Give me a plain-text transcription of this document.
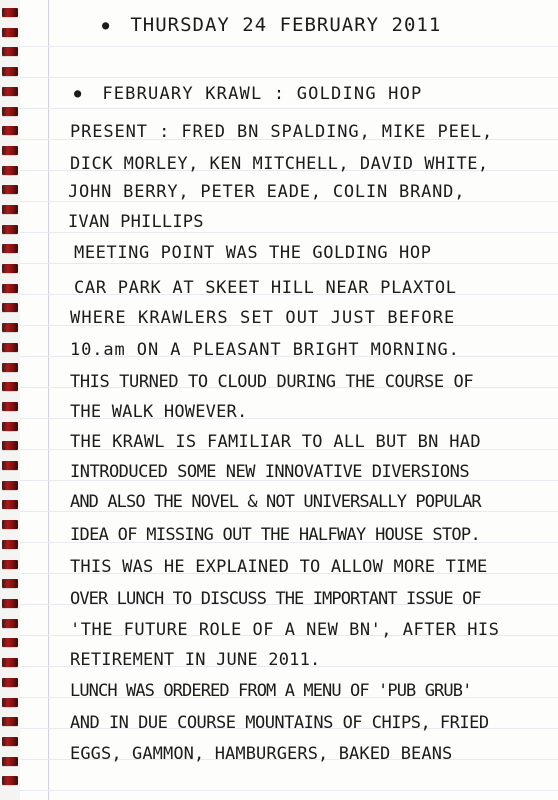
● THURSDAY 24 FEBRUARY 2011
● FEBRUARY KRAWL : GOLDING HOP
PRESENT : FRED BN SPALDING, MIKE PEEL,
DICK MORLEY, KEN MITCHELL, DAVID WHITE,
JOHN BERRY, PETER EADE, COLIN BRAND,
IVAN PHILLIPS
MEETING POINT WAS THE GOLDING HOP
CAR PARK AT SKEET HILL NEAR PLAXTOL
WHERE KRAWLERS SET OUT JUST BEFORE
10.am ON A PLEASANT BRIGHT MORNING.
THIS TURNED TO CLOUD DURING THE COURSE OF
THE WALK HOWEVER.
THE KRAWL IS FAMILIAR TO ALL BUT BN HAD
INTRODUCED SOME NEW INNOVATIVE DIVERSIONS
AND ALSO THE NOVEL & NOT UNIVERSALLY POPULAR
IDEA OF MISSING OUT THE HALFWAY HOUSE STOP.
THIS WAS HE EXPLAINED TO ALLOW MORE TIME
OVER LUNCH TO DISCUSS THE IMPORTANT ISSUE OF
'THE FUTURE ROLE OF A NEW BN', AFTER HIS
RETIREMENT IN JUNE 2011.
LUNCH WAS ORDERED FROM A MENU OF 'PUB GRUB'
AND IN DUE COURSE MOUNTAINS OF CHIPS, FRIED
EGGS, GAMMON, HAMBURGERS, BAKED BEANS
